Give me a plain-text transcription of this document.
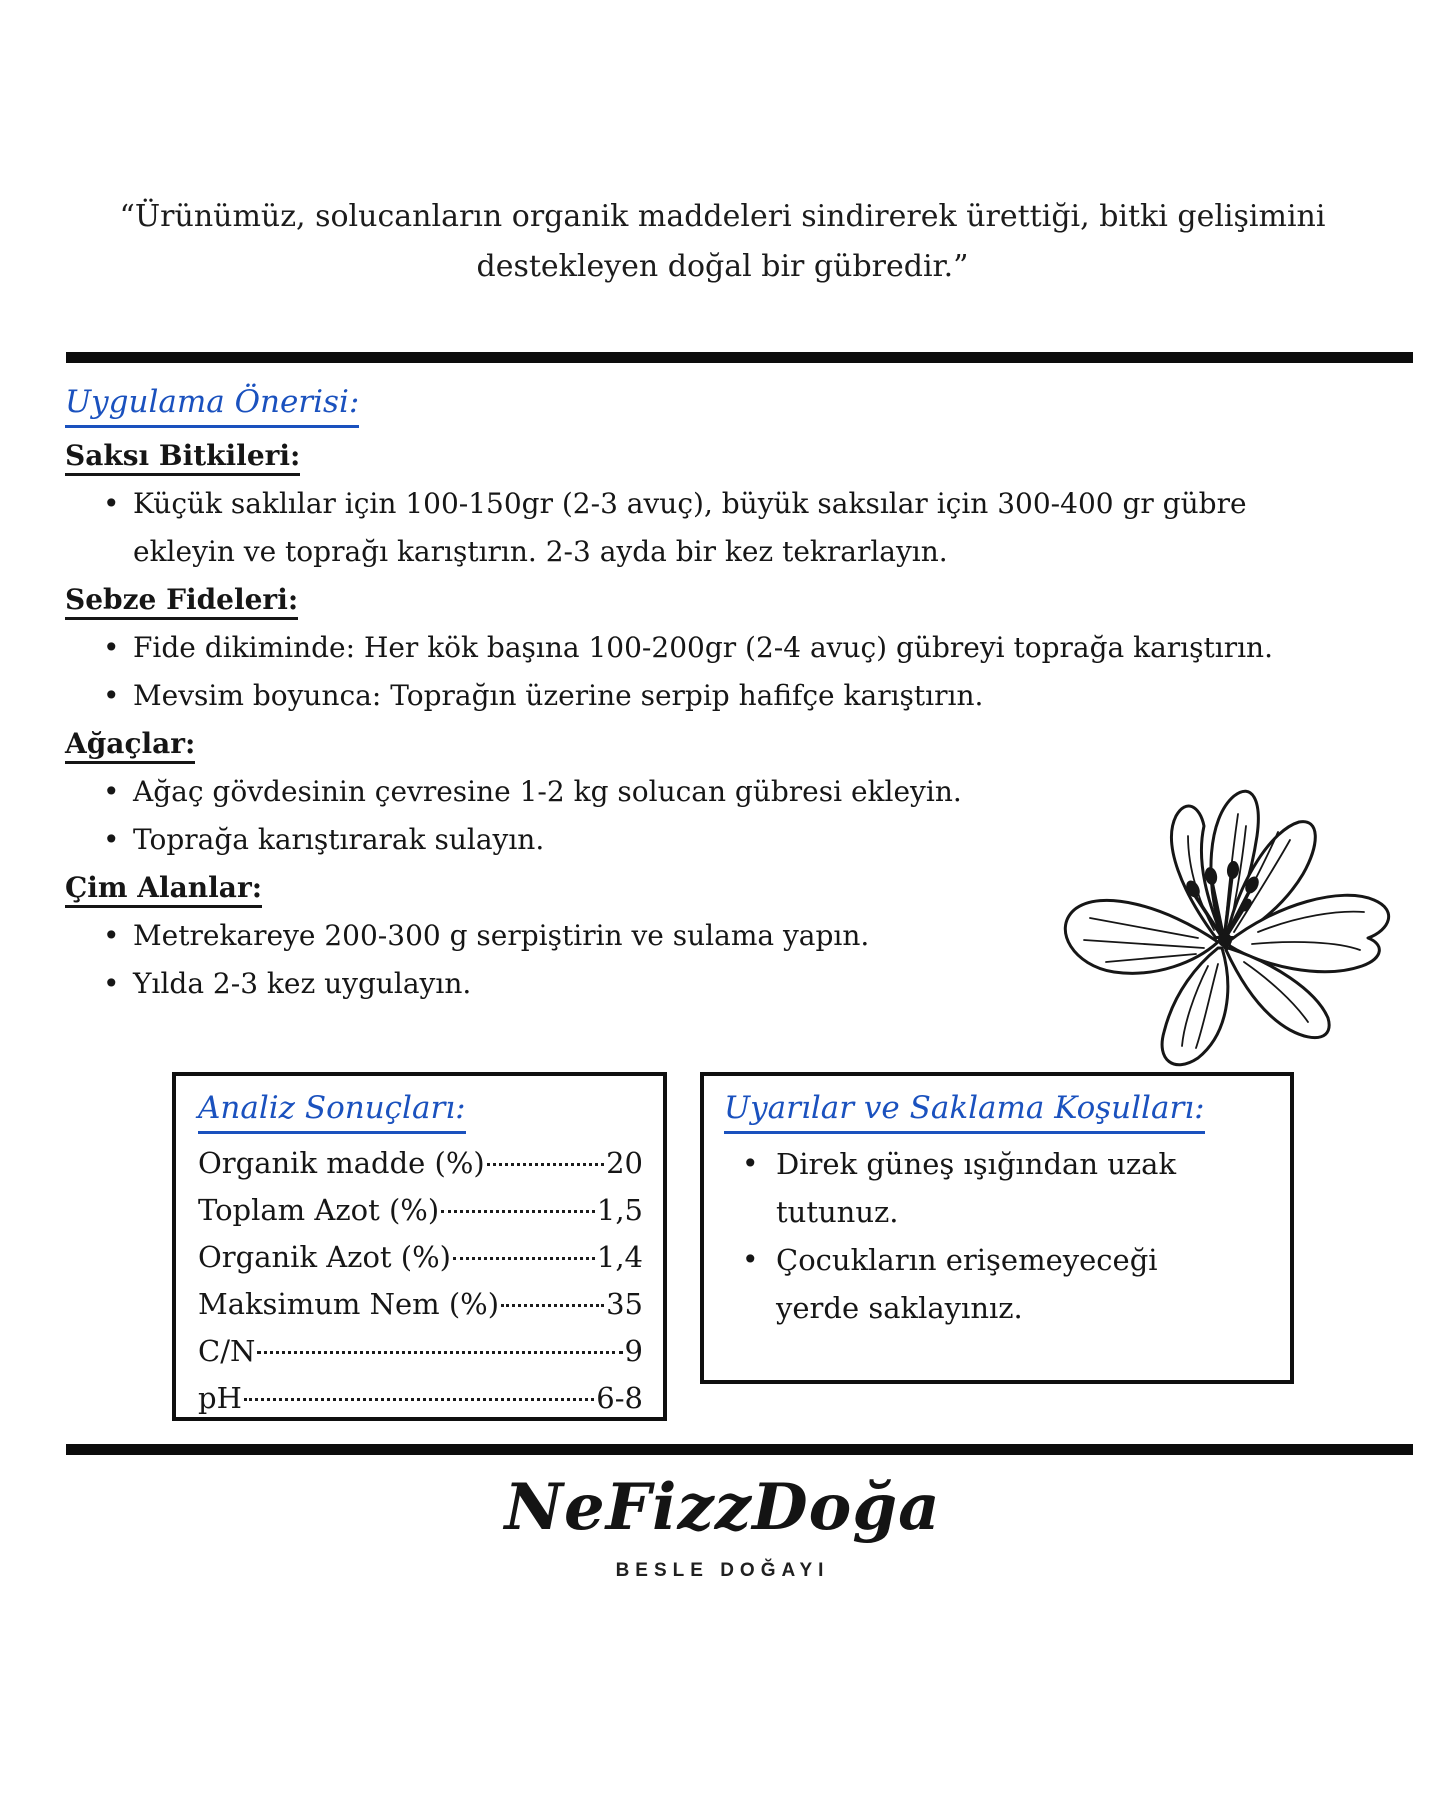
“Ürünümüz, solucanların organik maddeleri sindirerek ürettiği, bitki gelişimini
destekleyen doğal bir gübredir.”
Uygulama Önerisi:
Saksı Bitkileri:
• Küçük saklılar için 100-150gr (2-3 avuç), büyük saksılar için 300-400 gr gübre ekleyin ve toprağı karıştırın. 2-3 ayda bir kez tekrarlayın.
Sebze Fideleri:
• Fide dikiminde: Her kök başına 100-200gr (2-4 avuç) gübreyi toprağa karıştırın.
• Mevsim boyunca: Toprağın üzerine serpip hafifçe karıştırın.
Ağaçlar:
• Ağaç gövdesinin çevresine 1-2 kg solucan gübresi ekleyin.
• Toprağa karıştırarak sulayın.
Çim Alanlar:
• Metrekareye 200-300 g serpiştirin ve sulama yapın.
• Yılda 2-3 kez uygulayın.
Analiz Sonuçları:
Organik madde (%)	20
Toplam Azot (%)	1,5
Organik Azot (%)	1,4
Maksimum Nem (%)	35
C/N	9
pH	6-8
Uyarılar ve Saklama Koşulları:
• Direk güneş ışığından uzak tutunuz.
• Çocukların erişemeyeceği yerde saklayınız.
NeFizzDoğa
BESLE DOĞAYI
